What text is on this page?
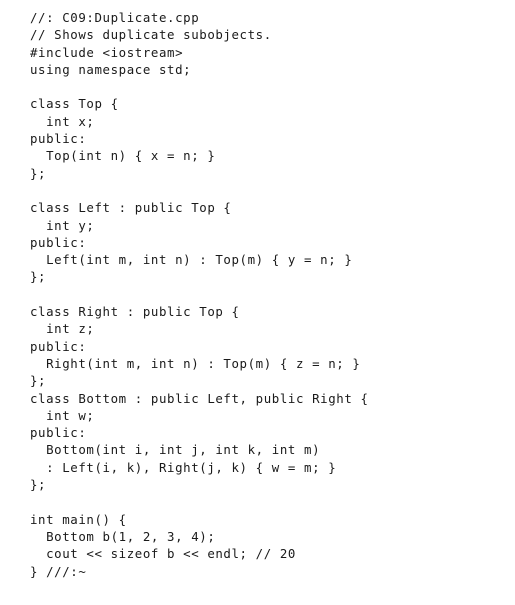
//: C09:Duplicate.cpp
// Shows duplicate subobjects.
#include <iostream>
using namespace std;
class Top {
int x;
public:
Top(int n) { x = n; }
};
class Left : public Top {
int y;
public:
Left(int m, int n) : Top(m) { y = n; }
};
class Right : public Top {
int z;
public:
Right(int m, int n) : Top(m) { z = n; }
};
class Bottom : public Left, public Right {
int w;
public:
Bottom(int i, int j, int k, int m)
: Left(i, k), Right(j, k) { w = m; }
};
int main() {
Bottom b(1, 2, 3, 4);
cout << sizeof b << endl; // 20
} ///:~
